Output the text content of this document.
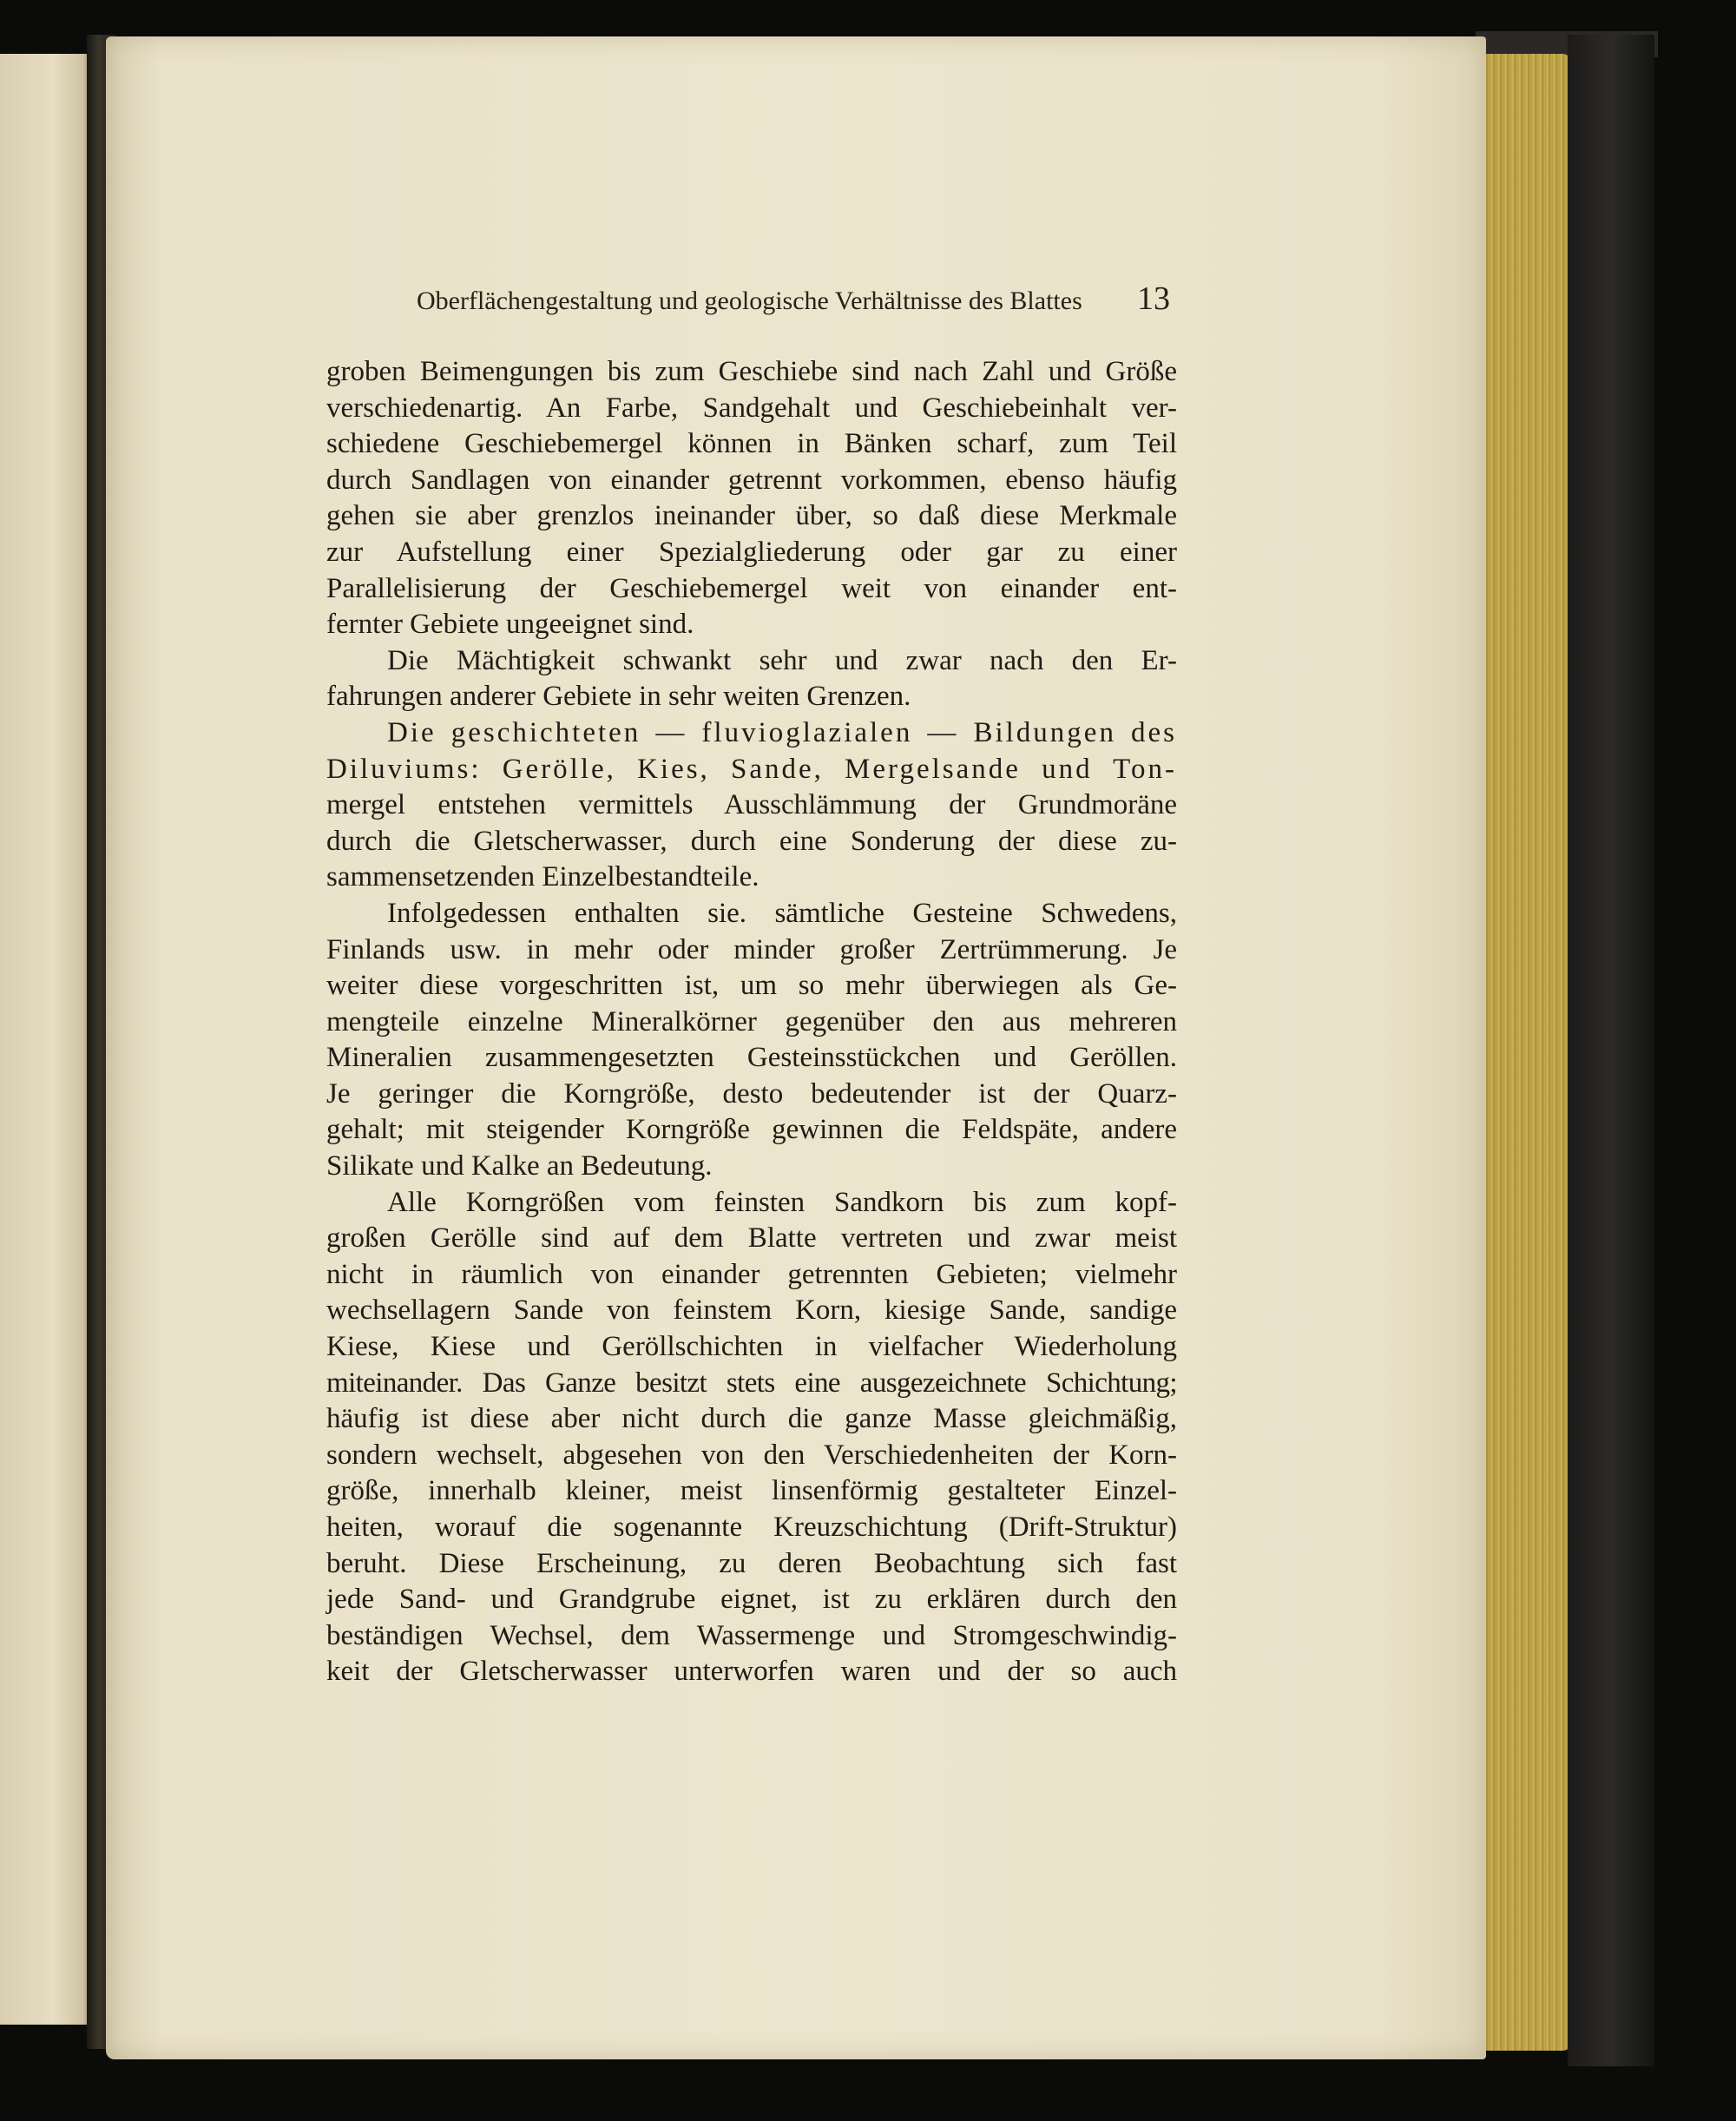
Oberflächengestaltung und geologische Verhältnisse des Blattes	13
groben Beimengungen bis zum Geschiebe sind nach Zahl und Größe
verschiedenartig. An Farbe, Sandgehalt und Geschiebeinhalt ver-
schiedene Geschiebemergel können in Bänken scharf, zum Teil
durch Sandlagen von einander getrennt vorkommen, ebenso häufig
gehen sie aber grenzlos ineinander über, so daß diese Merkmale
zur Aufstellung einer Spezialgliederung oder gar zu einer
Parallelisierung der Geschiebemergel weit von einander ent-
fernter Gebiete ungeeignet sind.
Die Mächtigkeit schwankt sehr und zwar nach den Er-
fahrungen anderer Gebiete in sehr weiten Grenzen.
Die geschichteten — fluvioglazialen — Bildungen des
Diluviums: Gerölle, Kies, Sande, Mergelsande und Ton-
mergel entstehen vermittels Ausschlämmung der Grundmoräne
durch die Gletscherwasser, durch eine Sonderung der diese zu-
sammensetzenden Einzelbestandteile.
Infolgedessen enthalten sie. sämtliche Gesteine Schwedens,
Finlands usw. in mehr oder minder großer Zertrümmerung. Je
weiter diese vorgeschritten ist, um so mehr überwiegen als Ge-
mengteile einzelne Mineralkörner gegenüber den aus mehreren
Mineralien zusammengesetzten Gesteinsstückchen und Geröllen.
Je geringer die Korngröße, desto bedeutender ist der Quarz-
gehalt; mit steigender Korngröße gewinnen die Feldspäte, andere
Silikate und Kalke an Bedeutung.
Alle Korngrößen vom feinsten Sandkorn bis zum kopf-
großen Gerölle sind auf dem Blatte vertreten und zwar meist
nicht in räumlich von einander getrennten Gebieten; vielmehr
wechsellagern Sande von feinstem Korn, kiesige Sande, sandige
Kiese, Kiese und Geröllschichten in vielfacher Wiederholung
miteinander. Das Ganze besitzt stets eine ausgezeichnete Schichtung;
häufig ist diese aber nicht durch die ganze Masse gleichmäßig,
sondern wechselt, abgesehen von den Verschiedenheiten der Korn-
größe, innerhalb kleiner, meist linsenförmig gestalteter Einzel-
heiten, worauf die sogenannte Kreuzschichtung (Drift-Struktur)
beruht. Diese Erscheinung, zu deren Beobachtung sich fast
jede Sand- und Grandgrube eignet, ist zu erklären durch den
beständigen Wechsel, dem Wassermenge und Stromgeschwindig-
keit der Gletscherwasser unterworfen waren und der so auch
